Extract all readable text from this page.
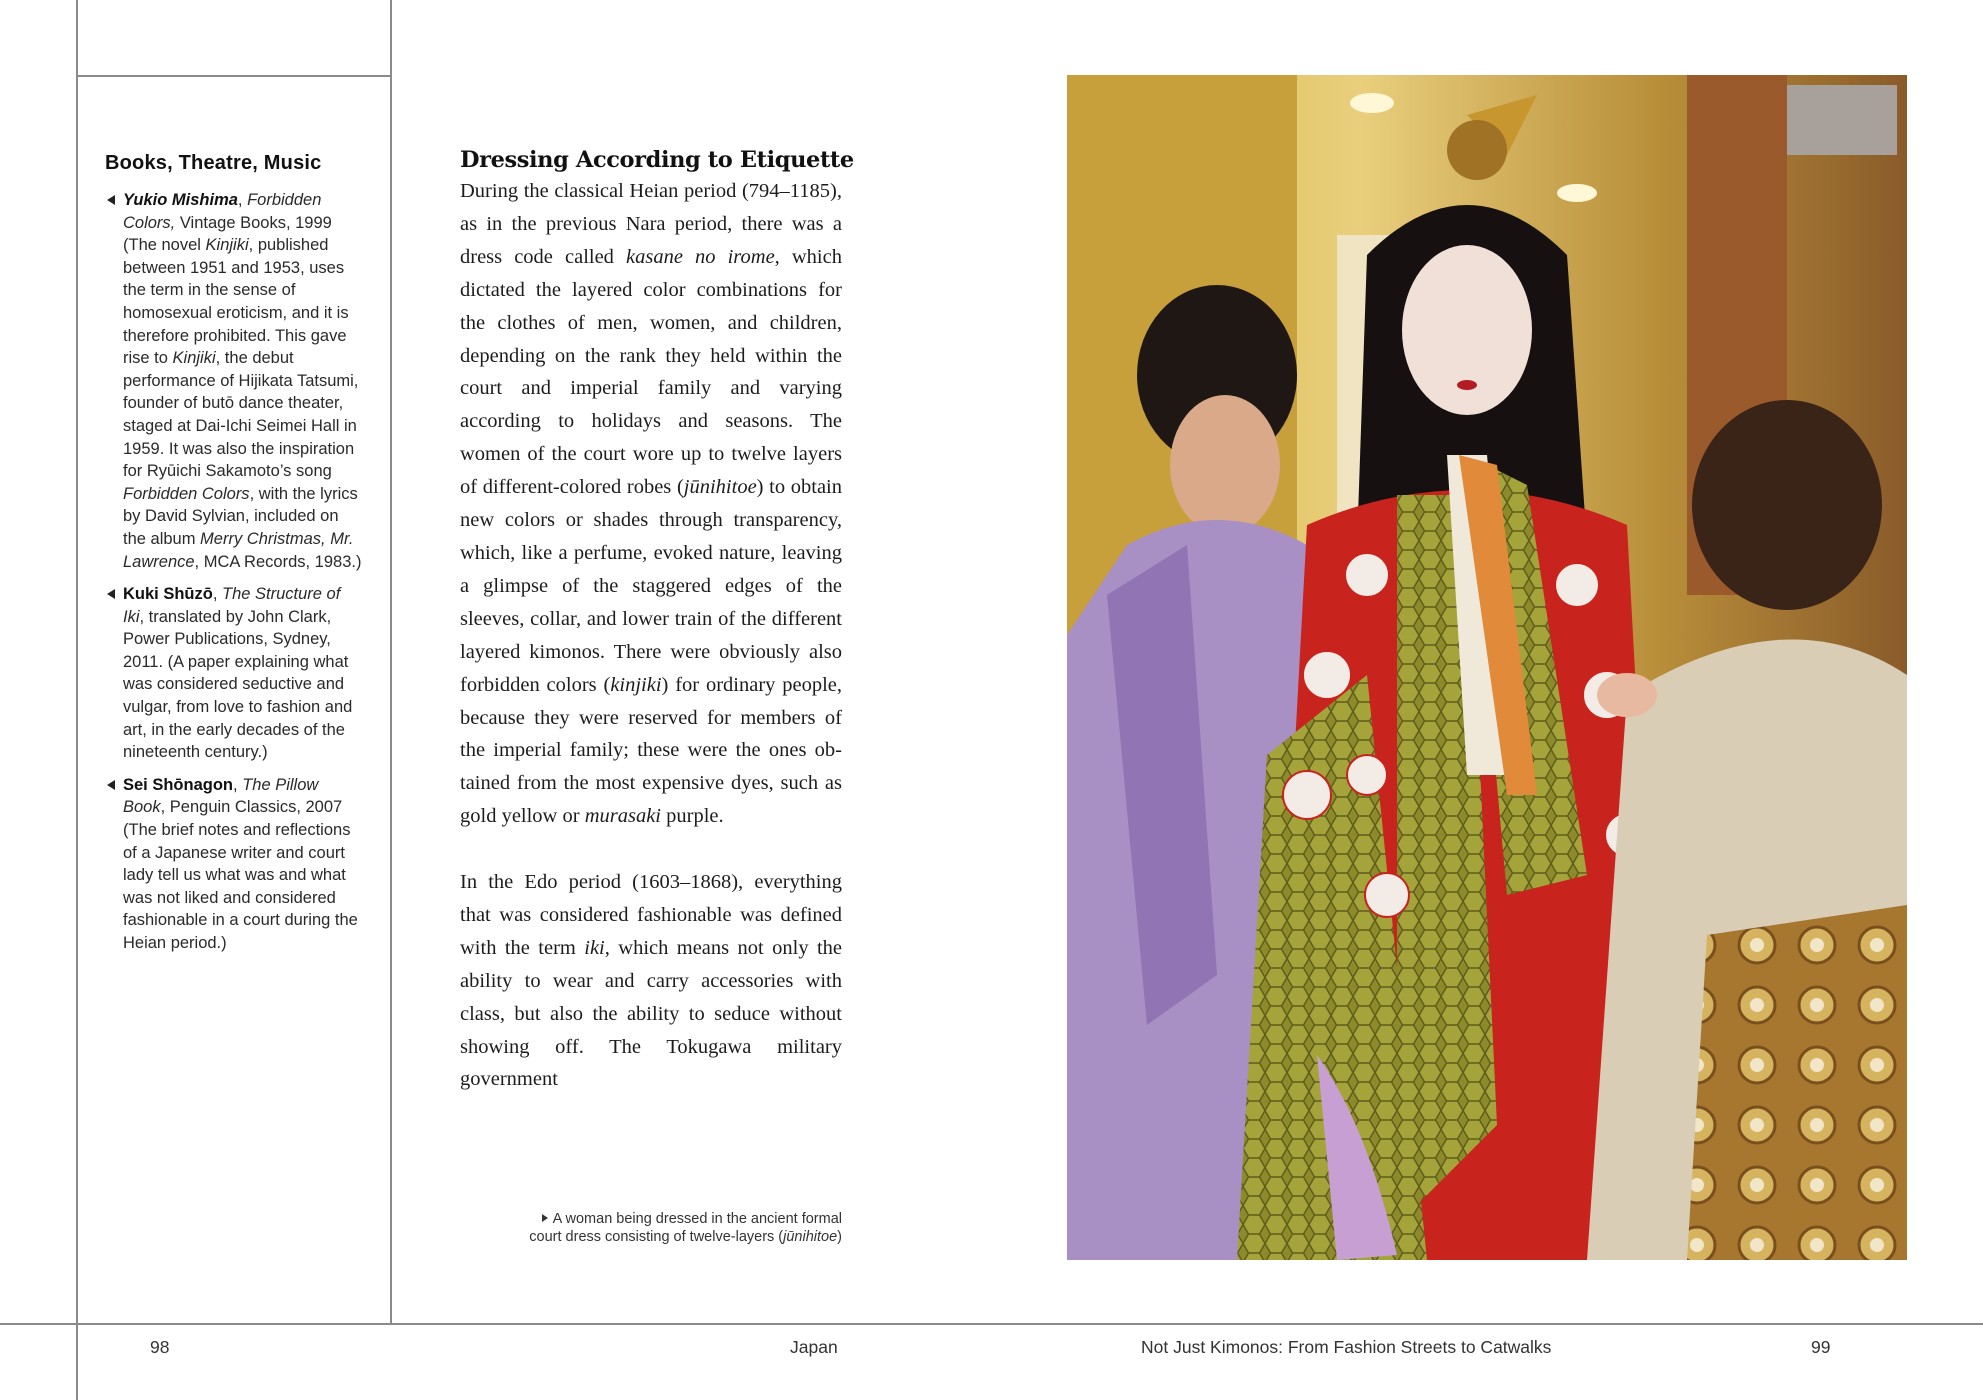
Books, Theatre, Music
Yukio Mishima, Forbidden Colors, Vintage Books, 1999 (The novel Kinjiki, published between 1951 and 1953, uses the term in the sense of homosexual eroticism, and it is therefore prohibited. This gave rise to Kinjiki, the debut performance of Hijikata Tatsumi, founder of butō dance theater, staged at Dai-Ichi Seimei Hall in 1959. It was also the inspiration for Ryūichi Sakamoto’s song Forbidden Colors, with the lyrics by David Sylvian, included on the album Merry Christmas, Mr. Lawrence, MCA Records, 1983.)
Kuki Shūzō, The Structure of Iki, translated by John Clark, Power Publications, Sydney, 2011. (A paper explaining what was considered seductive and vulgar, from love to fashion and art, in the early decades of the nineteenth century.)
Sei Shōnagon, The Pillow Book, Penguin Classics, 2007 (The brief notes and reflections of a Japanese writer and court lady tell us what was and what was not liked and considered fashionable in a court during the Heian period.)
Dressing According to Etiquette

During the classical Heian period (794–1185), as in the previous Nara period, there was a dress code called kasane no irome, which dictated the layered color combinations for the clothes of men, women, and children, depending on the rank they held within the court and imperial family and varying according to holidays and seasons. The women of the court wore up to twelve layers of different-colored robes (jūnihitoe) to obtain new colors or shades through transparency, which, like a perfume, evoked nature, leaving a glimpse of the staggered edges of the sleeves, collar, and lower train of the different layered kimonos. There were obviously also forbidden colors (kinjiki) for ordinary people, because they were reserved for members of the imperial family; these were the ones obtained from the most expensive dyes, such as gold yellow or murasaki purple.

In the Edo period (1603–1868), everything that was considered fashionable was defined with the term iki, which means not only the ability to wear and carry accessories with class, but also the ability to seduce without showing off. The Tokugawa military government

A woman being dressed in the ancient formal court dress consisting of twelve-layers (jūnihitoe)
98	Japan	Not Just Kimonos: From Fashion Streets to Catwalks	99
